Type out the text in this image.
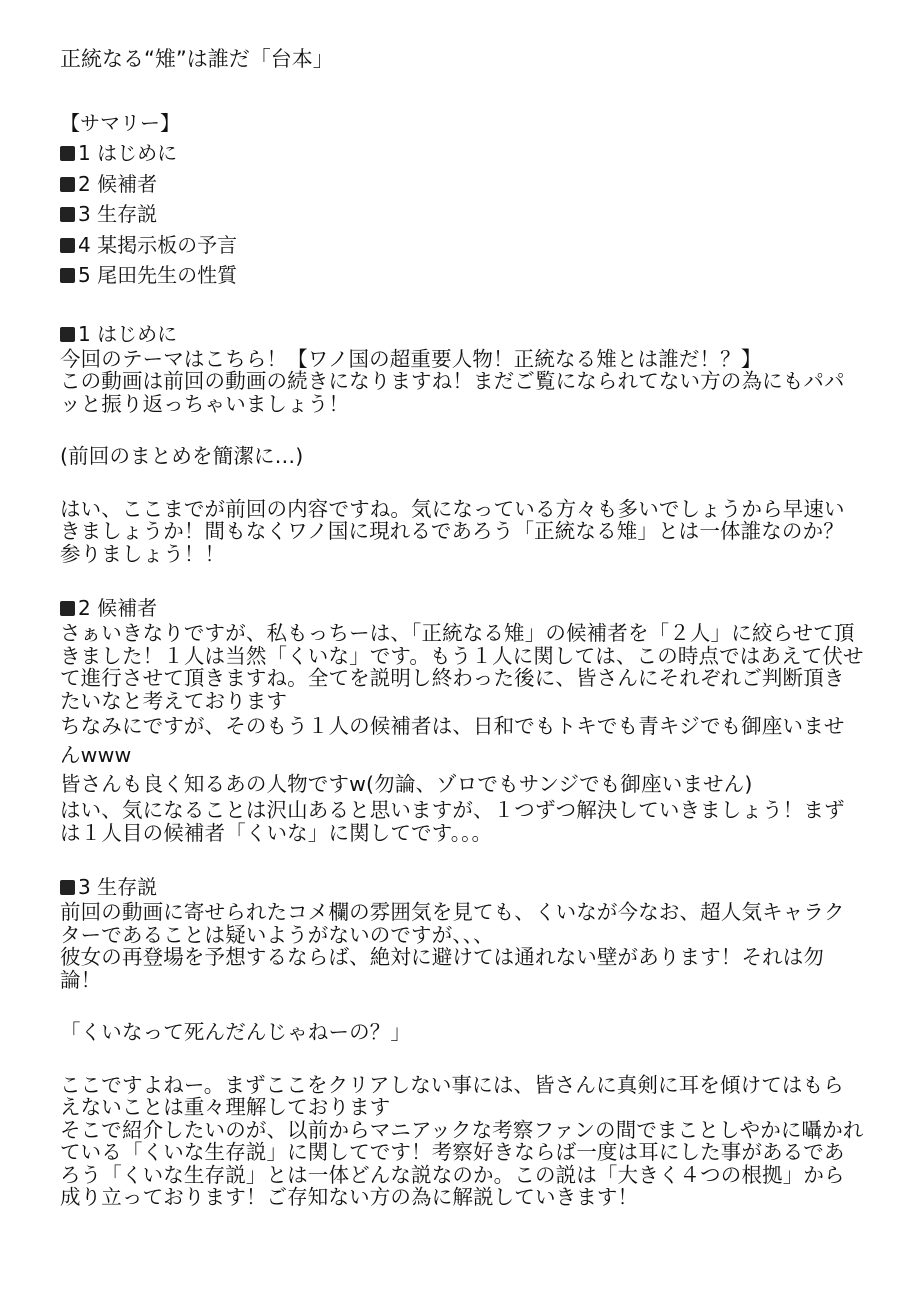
正統なる“雉”は誰だ「台本」
【サマリー】
1 はじめに
2 候補者
3 生存説
4 某掲示板の予言
5 尾田先生の性質
1 はじめに

今回のテーマはこちら！【ワノ国の超重要人物！正統なる雉とは誰だ！？】

この動画は前回の動画の続きになりますね！まだご覧になられてない方の為にもパパッと振り返っちゃいましょう！

(前回のまとめを簡潔に…)

はい、ここまでが前回の内容ですね。気になっている方々も多いでしょうから早速いきましょうか！間もなくワノ国に現れるであろう「正統なる雉」とは一体誰なのか？参りましょう！！

2 候補者

さぁいきなりですが、私もっちーは、「正統なる雉」の候補者を「２人」に絞らせて頂きました！１人は当然「くいな」です。もう１人に関しては、この時点ではあえて伏せて進行させて頂きますね。全てを説明し終わった後に、皆さんにそれぞれご判断頂きたいなと考えております

ちなみにですが、そのもう１人の候補者は、日和でもトキでも青キジでも御座いませんwww

皆さんも良く知るあの人物ですw(勿論、ゾロでもサンジでも御座いません)

はい、気になることは沢山あると思いますが、１つずつ解決していきましょう！まずは１人目の候補者「くいな」に関してです。。。

3 生存説

前回の動画に寄せられたコメ欄の雰囲気を見ても、くいなが今なお、超人気キャラクターであることは疑いようがないのですが、、、

彼女の再登場を予想するならば、絶対に避けては通れない壁があります！それは勿論！

「くいなって死んだんじゃねーの？」

ここですよねー。まずここをクリアしない事には、皆さんに真剣に耳を傾けてはもらえないことは重々理解しております

そこで紹介したいのが、以前からマニアックな考察ファンの間でまことしやかに囁かれている「くいな生存説」に関してです！考察好きならば一度は耳にした事があるであろう「くいな生存説」とは一体どんな説なのか。この説は「大きく４つの根拠」から成り立っております！ご存知ない方の為に解説していきます！
